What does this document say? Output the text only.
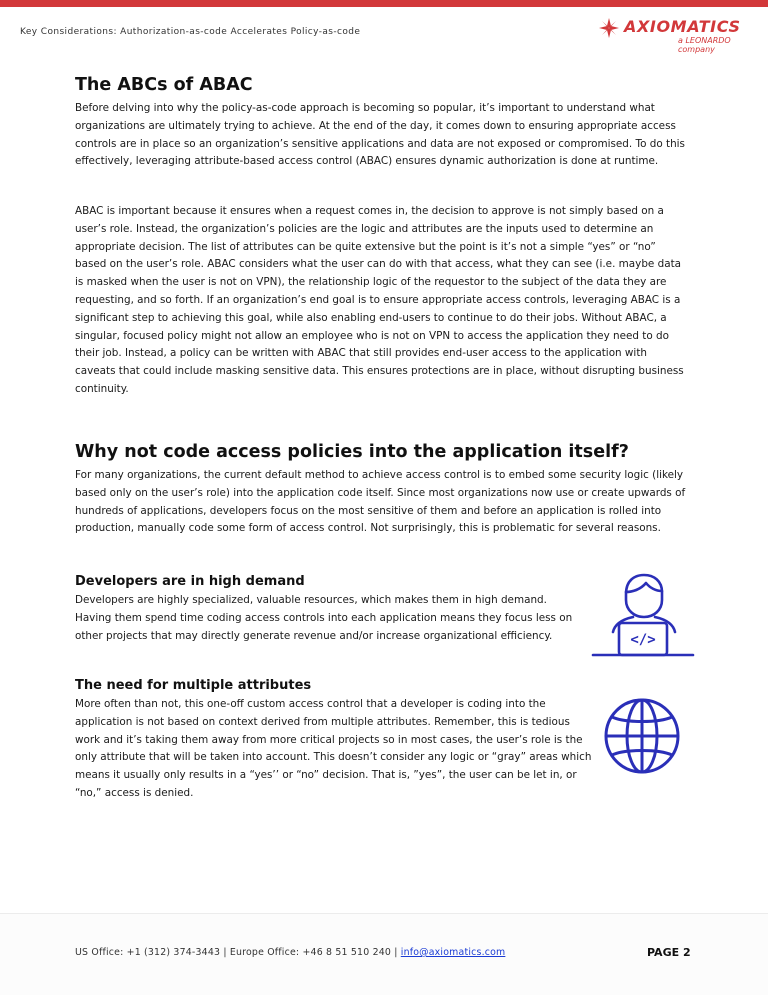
Key Considerations: Authorization-as-code Accelerates Policy-as-code	AXIOMATICS
a LEONARDO company
The ABCs of ABAC

Before delving into why the policy-as-code approach is becoming so popular, it’s important to understand what organizations are ultimately trying to achieve. At the end of the day, it comes down to ensuring appropriate access controls are in place so an organization’s sensitive applications and data are not exposed or compromised. To do this effectively, leveraging attribute-based access control (ABAC) ensures dynamic authorization is done at runtime.

ABAC is important because it ensures when a request comes in, the decision to approve is not simply based on a user’s role. Instead, the organization’s policies are the logic and attributes are the inputs used to determine an appropriate decision. The list of attributes can be quite extensive but the point is it’s not a simple “yes” or “no” based on the user’s role. ABAC considers what the user can do with that access, what they can see (i.e. maybe data is masked when the user is not on VPN), the relationship logic of the requestor to the subject of the data they are requesting, and so forth. If an organization’s end goal is to ensure appropriate access controls, leveraging ABAC is a significant step to achieving this goal, while also enabling end-users to continue to do their jobs. Without ABAC, a singular, focused policy might not allow an employee who is not on VPN to access the application they need to do their job. Instead, a policy can be written with ABAC that still provides end-user access to the application with caveats that could include masking sensitive data. This ensures protections are in place, without disrupting business continuity.

Why not code access policies into the application itself?

For many organizations, the current default method to achieve access control is to embed some security logic (likely based only on the user’s role) into the application code itself. Since most organizations now use or create upwards of hundreds of applications, developers focus on the most sensitive of them and before an application is rolled into production, manually code some form of access control. Not surprisingly, this is problematic for several reasons.

Developers are in high demand

Developers are highly specialized, valuable resources, which makes them in high demand. Having them spend time coding access controls into each application means they focus less on other projects that may directly generate revenue and/or increase organizational efficiency.

The need for multiple attributes

More often than not, this one-off custom access control that a developer is coding into the application is not based on context derived from multiple attributes. Remember, this is tedious work and it’s taking them away from more critical projects so in most cases, the user’s role is the only attribute that will be taken into account. This doesn’t consider any logic or “gray” areas which means it usually only results in a “yes’’ or “no” decision. That is, ”yes”, the user can be let in, or “no,” access is denied.

</>
US Office: +1 (312) 374-3443 | Europe Office: +46 8 51 510 240 | info@axiomatics.com	PAGE 2
